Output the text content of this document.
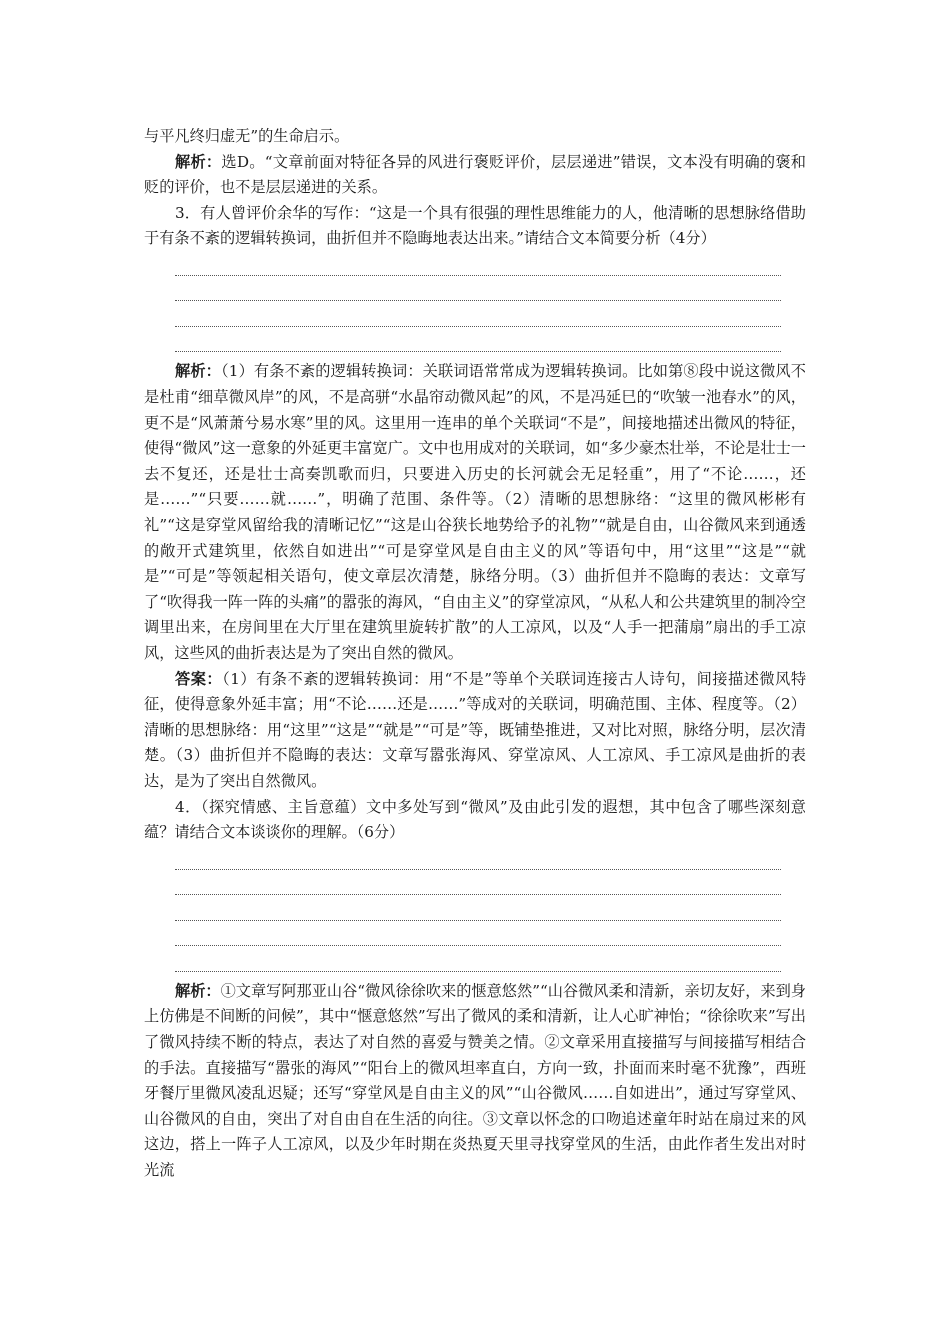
与平凡终归虚无”的生命启示。

解析：选D。“文章前面对特征各异的风进行褒贬评价，层层递进”错误，文本没有明确的褒和贬的评价，也不是层层递进的关系。

3．有人曾评价余华的写作：“这是一个具有很强的理性思维能力的人，他清晰的思想脉络借助于有条不紊的逻辑转换词，曲折但并不隐晦地表达出来。”请结合文本简要分析（4分）

解析：（1）有条不紊的逻辑转换词：关联词语常常成为逻辑转换词。比如第⑧段中说这微风不是杜甫“细草微风岸”的风，不是高骈“水晶帘动微风起”的风，不是冯延巳的“吹皱一池春水”的风，更不是“风萧萧兮易水寒”里的风。这里用一连串的单个关联词“不是”，间接地描述出微风的特征，使得“微风”这一意象的外延更丰富宽广。文中也用成对的关联词，如“多少豪杰壮举，不论是壮士一去不复还，还是壮士高奏凯歌而归，只要进入历史的长河就会无足轻重”，用了“不论……，还是……”“只要……就……”，明确了范围、条件等。（2）清晰的思想脉络：“这里的微风彬彬有礼”“这是穿堂风留给我的清晰记忆”“这是山谷狭长地势给予的礼物”“就是自由，山谷微风来到通透的敞开式建筑里，依然自如进出”“可是穿堂风是自由主义的风”等语句中，用“这里”“这是”“就是”“可是”等领起相关语句，使文章层次清楚，脉络分明。（3）曲折但并不隐晦的表达：文章写了“吹得我一阵一阵的头痛”的嚣张的海风，“自由主义”的穿堂凉风，“从私人和公共建筑里的制冷空调里出来，在房间里在大厅里在建筑里旋转扩散”的人工凉风，以及“人手一把蒲扇”扇出的手工凉风，这些风的曲折表达是为了突出自然的微风。

答案：（1）有条不紊的逻辑转换词：用“不是”等单个关联词连接古人诗句，间接描述微风特征，使得意象外延丰富；用“不论……还是……”等成对的关联词，明确范围、主体、程度等。（2）清晰的思想脉络：用“这里”“这是”“就是”“可是”等，既铺垫推进，又对比对照，脉络分明，层次清楚。（3）曲折但并不隐晦的表达：文章写嚣张海风、穿堂凉风、人工凉风、手工凉风是曲折的表达，是为了突出自然微风。

4．（探究情感、主旨意蕴）文中多处写到“微风”及由此引发的遐想，其中包含了哪些深刻意蕴？请结合文本谈谈你的理解。（6分）

解析：①文章写阿那亚山谷“微风徐徐吹来的惬意悠然”“山谷微风柔和清新，亲切友好，来到身上仿佛是不间断的问候”，其中“惬意悠然”写出了微风的柔和清新，让人心旷神怡；“徐徐吹来”写出了微风持续不断的特点，表达了对自然的喜爱与赞美之情。②文章采用直接描写与间接描写相结合的手法。直接描写“嚣张的海风”“阳台上的微风坦率直白，方向一致，扑面而来时毫不犹豫”，西班牙餐厅里微风凌乱迟疑；还写“穿堂风是自由主义的风”“山谷微风……自如进出”，通过写穿堂风、山谷微风的自由，突出了对自由自在生活的向往。③文章以怀念的口吻追述童年时站在扇过来的风这边，搭上一阵子人工凉风，以及少年时期在炎热夏天里寻找穿堂风的生活，由此作者生发出对时光流
